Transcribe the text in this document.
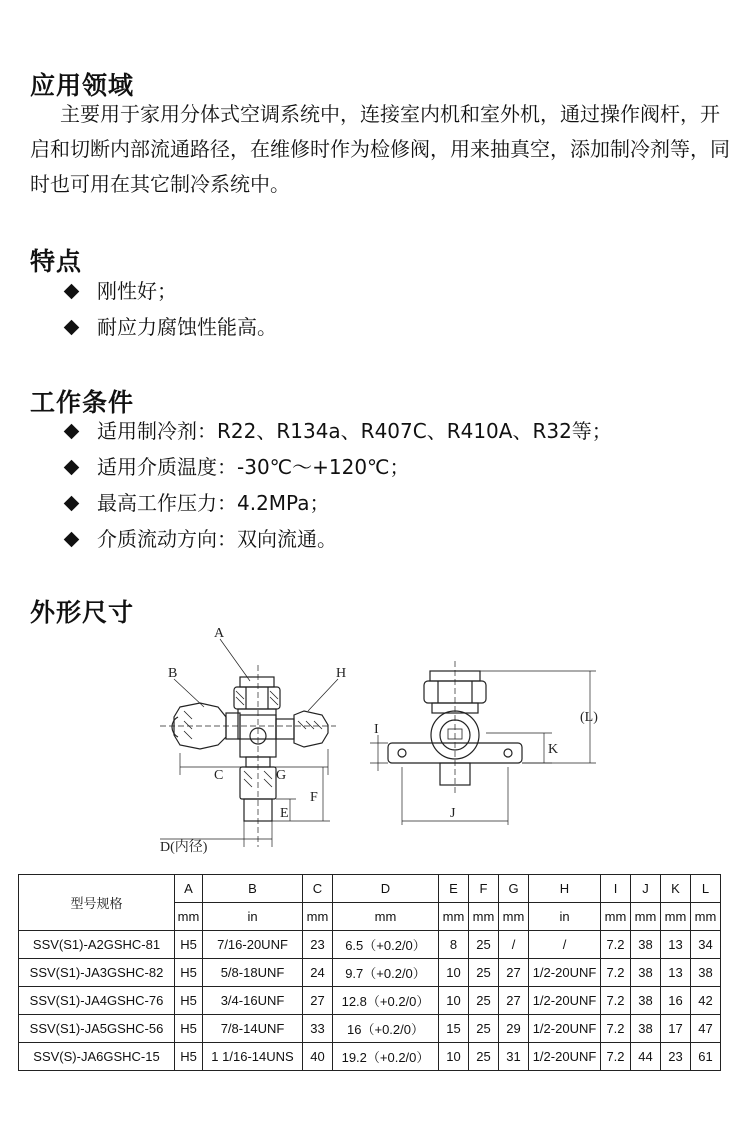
应用领域
主要用于家用分体式空调系统中，连接室内机和室外机，通过操作阀杆，开启和切断内部流通路径，在维修时作为检修阀，用来抽真空，添加制冷剂等，同时也可用在其它制冷系统中。
特点
刚性好；
耐应力腐蚀性能高。
工作条件
适用制冷剂：R22、R134a、R407C、R410A、R32等；
适用介质温度：-30℃～+120℃；
最高工作压力：4.2MPa；
介质流动方向：双向流通。
外形尺寸
A
B	H
C	G
F
E
D(内径)
I
J
K
(L)
型号规格	A	B	C	D	E	F	G	H	I	J	K	L
	mm	in	mm	mm	mm	mm	mm	in	mm	mm	mm	mm
SSV(S1)-A2GSHC-81	H5	7/16-20UNF	23	6.5（+0.2/0）	8	25	/	/	7.2	38	13	34
SSV(S1)-JA3GSHC-82	H5	5/8-18UNF	24	9.7（+0.2/0）	10	25	27	1/2-20UNF	7.2	38	13	38
SSV(S1)-JA4GSHC-76	H5	3/4-16UNF	27	12.8（+0.2/0）	10	25	27	1/2-20UNF	7.2	38	16	42
SSV(S1)-JA5GSHC-56	H5	7/8-14UNF	33	16（+0.2/0）	15	25	29	1/2-20UNF	7.2	38	17	47
SSV(S)-JA6GSHC-15	H5	1 1/16-14UNS	40	19.2（+0.2/0）	10	25	31	1/2-20UNF	7.2	44	23	61
